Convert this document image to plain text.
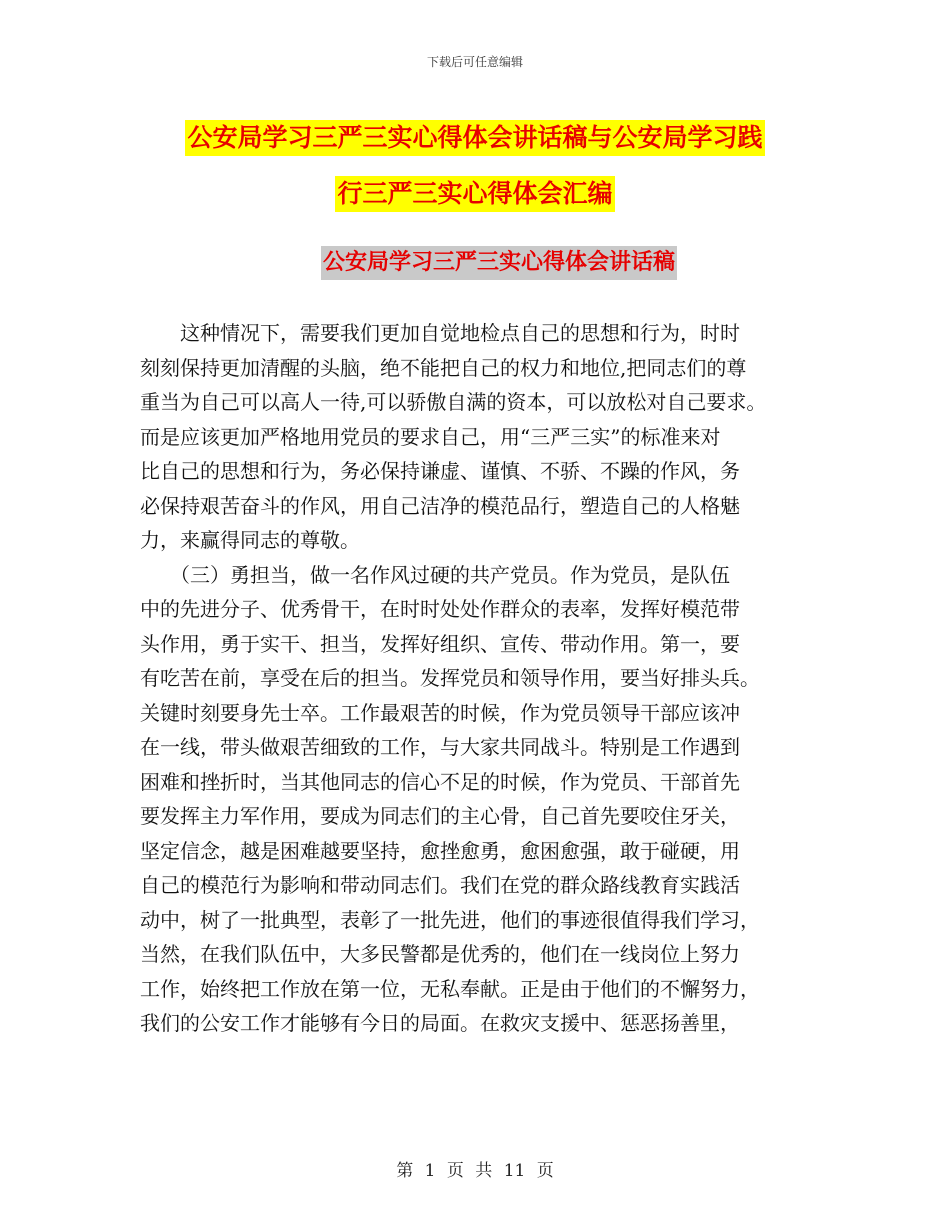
下载后可任意编辑
公安局学习三严三实心得体会讲话稿与公安局学习践
行三严三实心得体会汇编
公安局学习三严三实心得体会讲话稿
　　这种情况下，需要我们更加自觉地检点自己的思想和行为，时时
刻刻保持更加清醒的头脑，绝不能把自己的权力和地位,把同志们的尊
重当为自己可以高人一待,可以骄傲自满的资本，可以放松对自己要求。
而是应该更加严格地用党员的要求自己，用“三严三实”的标准来对
比自己的思想和行为，务必保持谦虚、谨慎、不骄、不躁的作风，务
必保持艰苦奋斗的作风，用自己洁净的模范品行，塑造自己的人格魅
力，来赢得同志的尊敬。
　　（三）勇担当，做一名作风过硬的共产党员。作为党员，是队伍
中的先进分子、优秀骨干，在时时处处作群众的表率，发挥好模范带
头作用，勇于实干、担当，发挥好组织、宣传、带动作用。第一，要
有吃苦在前，享受在后的担当。发挥党员和领导作用，要当好排头兵。
关键时刻要身先士卒。工作最艰苦的时候，作为党员领导干部应该冲
在一线，带头做艰苦细致的工作，与大家共同战斗。特别是工作遇到
困难和挫折时，当其他同志的信心不足的时候，作为党员、干部首先
要发挥主力军作用，要成为同志们的主心骨，自己首先要咬住牙关，
坚定信念，越是困难越要坚持，愈挫愈勇，愈困愈强，敢于碰硬，用
自己的模范行为影响和带动同志们。我们在党的群众路线教育实践活
动中，树了一批典型，表彰了一批先进，他们的事迹很值得我们学习，
当然，在我们队伍中，大多民警都是优秀的，他们在一线岗位上努力
工作，始终把工作放在第一位，无私奉献。正是由于他们的不懈努力，
我们的公安工作才能够有今日的局面。在救灾支援中、惩恶扬善里，
第 1 页 共 11 页
